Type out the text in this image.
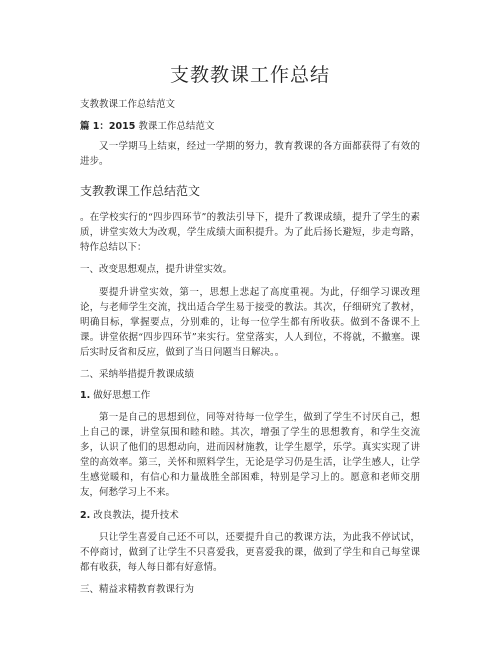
支教教课工作总结

支教教课工作总结范文

篇 1：2015 教课工作总结范文

又一学期马上结束，经过一学期的努力，教育教课的各方面都获得了有效的进步。

支教教课工作总结范文

。在学校实行的“四步四环节”的教法引导下，提升了教课成绩，提升了学生的素质，讲堂实效大为改观，学生成绩大面积提升。为了此后扬长避短，步走弯路，特作总结以下：

一、改变思想观点，提升讲堂实效。

要提升讲堂实效，第一，思想上悲起了高度重视。为此，仔细学习课改理论，与老师学生交流，找出适合学生易于接受的教法。其次，仔细研究了教材，明确目标，掌握要点，分别难的，让每一位学生都有所收获。做到不备课不上课。讲堂依据“四步四环节”来实行。堂堂落实，人人到位，不将就，不撤塞。课后实时反省和反应，做到了当日问题当日解决。。

二、采纳举措提升教课成绩

1. 做好思想工作

第一是自己的思想到位，同等对待每一位学生，做到了学生不讨厌自己，想上自己的课，讲堂氛围和睦和睦。其次，增强了学生的思想教育，和学生交流多，认识了他们的思想动向，进而因材施教，让学生愿学，乐学。真实实现了讲堂的高效率。第三，关怀和照料学生，无论是学习仍是生活，让学生感人，让学生感觉暖和，有信心和力量战胜全部困难，特别是学习上的。愿意和老师交朋友，何愁学习上不来。

2. 改良教法，提升技术

只让学生喜爱自己还不可以，还要提升自己的教课方法，为此我不停试试，不停商讨，做到了让学生不只喜爱我，更喜爱我的课，做到了学生和自己每堂课都有收获，每人每日都有好意情。

三、精益求精教育教课行为
